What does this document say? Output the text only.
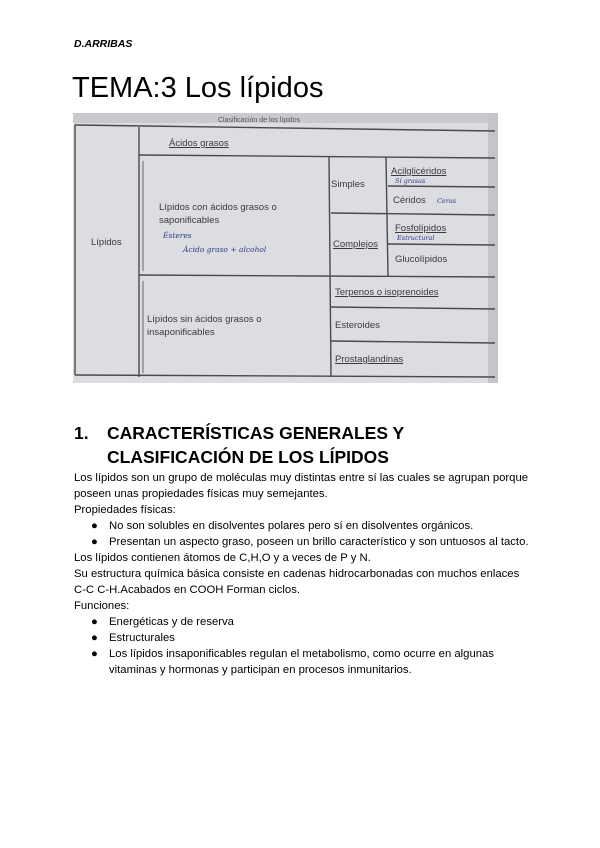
D.ARRIBAS
TEMA:3 Los lípidos
Clasificación de los lípidos
Lípidos
Ácidos grasos
Lípidos con ácidos grasos o saponificables
Ésteres
Ácido graso + alcohol
Simples
Complejos
Acilglicéridos
Sí grasas
Céridos Ceras
Fosfolípidos
Estructural
Glucolípidos
Lípidos sin ácidos grasos o insaponificables
Terpenos o isoprenoides
Esteroides
Prostaglandinas
1. CARACTERÍSTICAS GENERALES Y CLASIFICACIÓN DE LOS LÍPIDOS

Los lípidos son un grupo de moléculas muy distintas entre sí las cuales se agrupan porque poseen unas propiedades físicas muy semejantes.

Propiedades físicas:

● No son solubles en disolventes polares pero sí en disolventes orgánicos.
● Presentan un aspecto graso, poseen un brillo característico y son untuosos al tacto.

Los lípidos contienen átomos de C,H,O y a veces de P y N.

Su estructura química básica consiste en cadenas hidrocarbonadas con muchos enlaces C-C C-H.Acabados en COOH Forman ciclos.

Funciones:

● Energéticas y de reserva
● Estructurales
● Los lípidos insaponificables regulan el metabolismo, como ocurre en algunas vitaminas y hormonas y participan en procesos inmunitarios.
